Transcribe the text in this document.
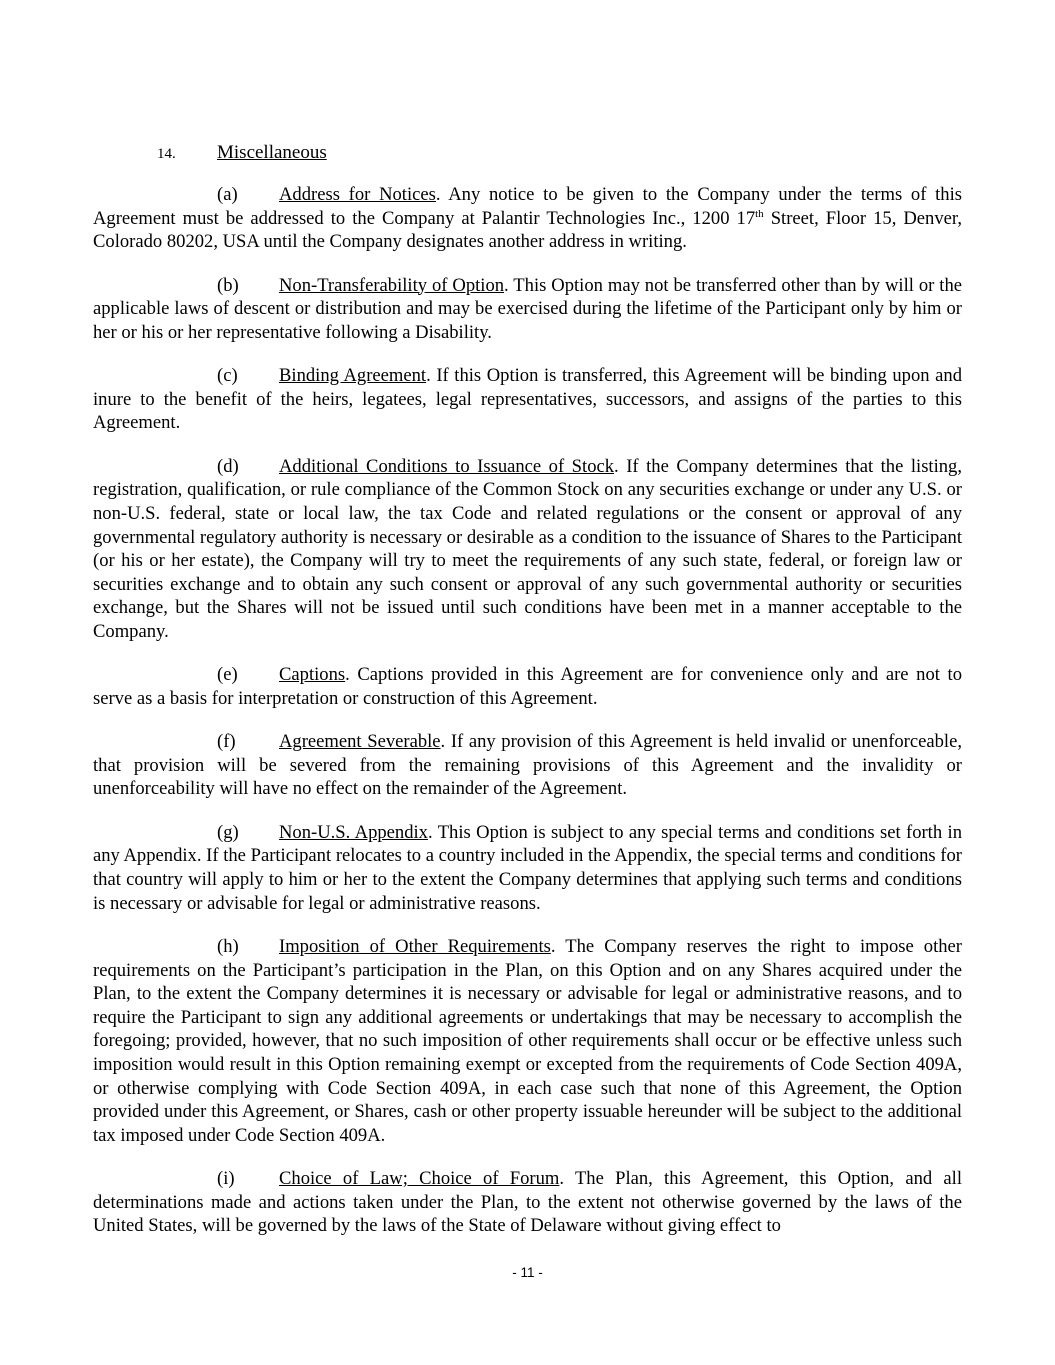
14. Miscellaneous

(a) Address for Notices. Any notice to be given to the Company under the terms of this Agreement must be addressed to the Company at Palantir Technologies Inc., 1200 17th Street, Floor 15, Denver, Colorado 80202, USA until the Company designates another address in writing.

(b) Non-Transferability of Option. This Option may not be transferred other than by will or the applicable laws of descent or distribution and may be exercised during the lifetime of the Participant only by him or her or his or her representative following a Disability.

(c) Binding Agreement. If this Option is transferred, this Agreement will be binding upon and inure to the benefit of the heirs, legatees, legal representatives, successors, and assigns of the parties to this Agreement.

(d) Additional Conditions to Issuance of Stock. If the Company determines that the listing, registration, qualification, or rule compliance of the Common Stock on any securities exchange or under any U.S. or non-U.S. federal, state or local law, the tax Code and related regulations or the consent or approval of any governmental regulatory authority is necessary or desirable as a condition to the issuance of Shares to the Participant (or his or her estate), the Company will try to meet the requirements of any such state, federal, or foreign law or securities exchange and to obtain any such consent or approval of any such governmental authority or securities exchange, but the Shares will not be issued until such conditions have been met in a manner acceptable to the Company.

(e) Captions. Captions provided in this Agreement are for convenience only and are not to serve as a basis for interpretation or construction of this Agreement.

(f) Agreement Severable. If any provision of this Agreement is held invalid or unenforceable, that provision will be severed from the remaining provisions of this Agreement and the invalidity or unenforceability will have no effect on the remainder of the Agreement.

(g) Non-U.S. Appendix. This Option is subject to any special terms and conditions set forth in any Appendix. If the Participant relocates to a country included in the Appendix, the special terms and conditions for that country will apply to him or her to the extent the Company determines that applying such terms and conditions is necessary or advisable for legal or administrative reasons.

(h) Imposition of Other Requirements. The Company reserves the right to impose other requirements on the Participant’s participation in the Plan, on this Option and on any Shares acquired under the Plan, to the extent the Company determines it is necessary or advisable for legal or administrative reasons, and to require the Participant to sign any additional agreements or undertakings that may be necessary to accomplish the foregoing; provided, however, that no such imposition of other requirements shall occur or be effective unless such imposition would result in this Option remaining exempt or excepted from the requirements of Code Section 409A, or otherwise complying with Code Section 409A, in each case such that none of this Agreement, the Option provided under this Agreement, or Shares, cash or other property issuable hereunder will be subject to the additional tax imposed under Code Section 409A.

(i) Choice of Law; Choice of Forum. The Plan, this Agreement, this Option, and all determinations made and actions taken under the Plan, to the extent not otherwise governed by the laws of the United States, will be governed by the laws of the State of Delaware without giving effect to

- 11 -
